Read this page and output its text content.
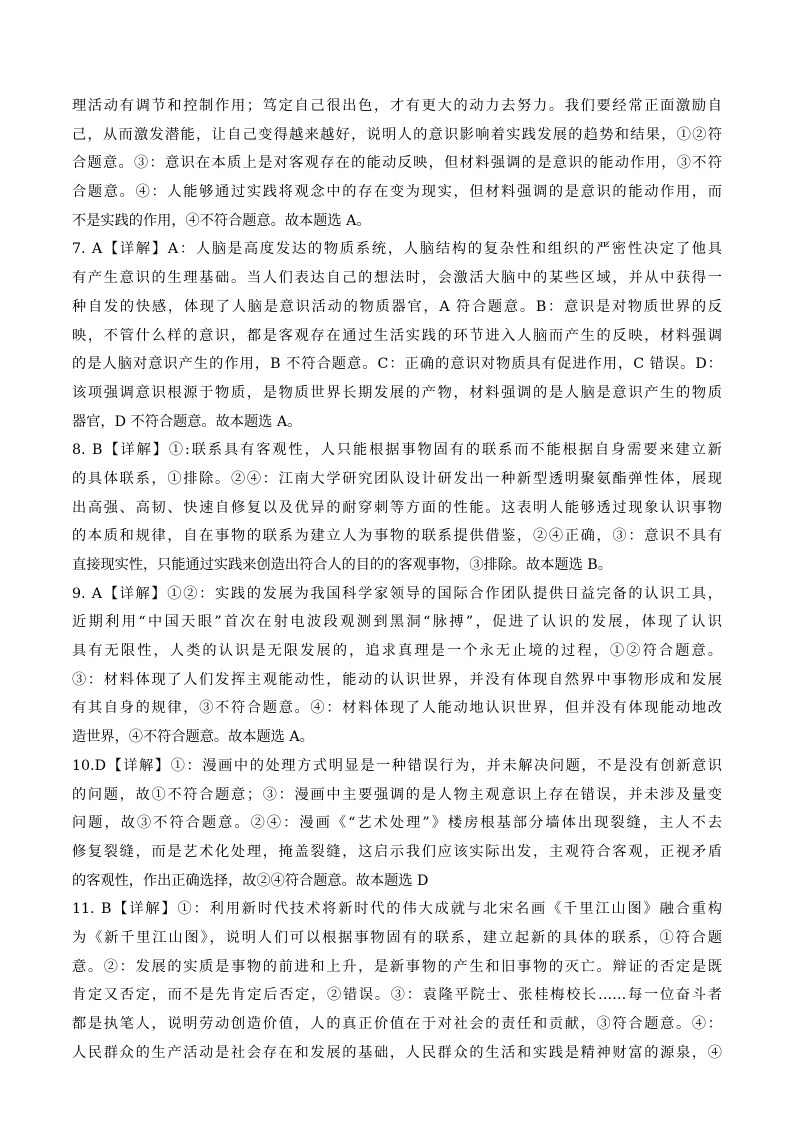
理活动有调节和控制作用；笃定自己很出色，才有更大的动力去努力。我们要经常正面激励自
己，从而激发潜能，让自己变得越来越好，说明人的意识影响着实践发展的趋势和结果，①②符
合题意。③：意识在本质上是对客观存在的能动反映，但材料强调的是意识的能动作用，③不符
合题意。④：人能够通过实践将观念中的存在变为现实，但材料强调的是意识的能动作用，而
不是实践的作用，④不符合题意。故本题选 A。
7. A【详解】A：人脑是高度发达的物质系统，人脑结构的复杂性和组织的严密性决定了他具
有产生意识的生理基础。当人们表达自己的想法时，会激活大脑中的某些区域，并从中获得一
种自发的快感，体现了人脑是意识活动的物质器官，A 符合题意。B：意识是对物质世界的反
映，不管什么样的意识，都是客观存在通过生活实践的环节进入人脑而产生的反映，材料强调
的是人脑对意识产生的作用，B 不符合题意。C：正确的意识对物质具有促进作用，C 错误。D：
该项强调意识根源于物质，是物质世界长期发展的产物，材料强调的是人脑是意识产生的物质
器官，D 不符合题意。故本题选 A。
8. B【详解】①:联系具有客观性，人只能根据事物固有的联系而不能根据自身需要来建立新
的具体联系，①排除。②④：江南大学研究团队设计研发出一种新型透明聚氨酯弹性体，展现
出高强、高韧、快速自修复以及优异的耐穿刺等方面的性能。这表明人能够透过现象认识事物
的本质和规律，自在事物的联系为建立人为事物的联系提供借鉴，②④正确，③：意识不具有
直接现实性，只能通过实践来创造出符合人的目的的客观事物，③排除。故本题选 B。
9. A【详解】①②：实践的发展为我国科学家领导的国际合作团队提供日益完备的认识工具，
近期利用“中国天眼”首次在射电波段观测到黑洞“脉搏”，促进了认识的发展，体现了认识
具有无限性，人类的认识是无限发展的，追求真理是一个永无止境的过程，①②符合题意。
③：材料体现了人们发挥主观能动性，能动的认识世界，并没有体现自然界中事物形成和发展
有其自身的规律，③不符合题意。④：材料体现了人能动地认识世界，但并没有体现能动地改
造世界，④不符合题意。故本题选 A。
10.D【详解】①：漫画中的处理方式明显是一种错误行为，并未解决问题，不是没有创新意识
的问题，故①不符合题意；③：漫画中主要强调的是人物主观意识上存在错误，并未涉及量变
问题，故③不符合题意。②④：漫画《“艺术处理”》楼房根基部分墙体出现裂缝，主人不去
修复裂缝，而是艺术化处理，掩盖裂缝，这启示我们应该实际出发，主观符合客观，正视矛盾
的客观性，作出正确选择，故②④符合题意。故本题选 D
11. B【详解】①：利用新时代技术将新时代的伟大成就与北宋名画《千里江山图》融合重构
为《新千里江山图》，说明人们可以根据事物固有的联系，建立起新的具体的联系，①符合题
意。②：发展的实质是事物的前进和上升，是新事物的产生和旧事物的灭亡。辩证的否定是既
肯定又否定，而不是先肯定后否定，②错误。③：袁隆平院士、张桂梅校长……每一位奋斗者
都是执笔人，说明劳动创造价值，人的真正价值在于对社会的责任和贡献，③符合题意。④：
人民群众的生产活动是社会存在和发展的基础，人民群众的生活和实践是精神财富的源泉，④
